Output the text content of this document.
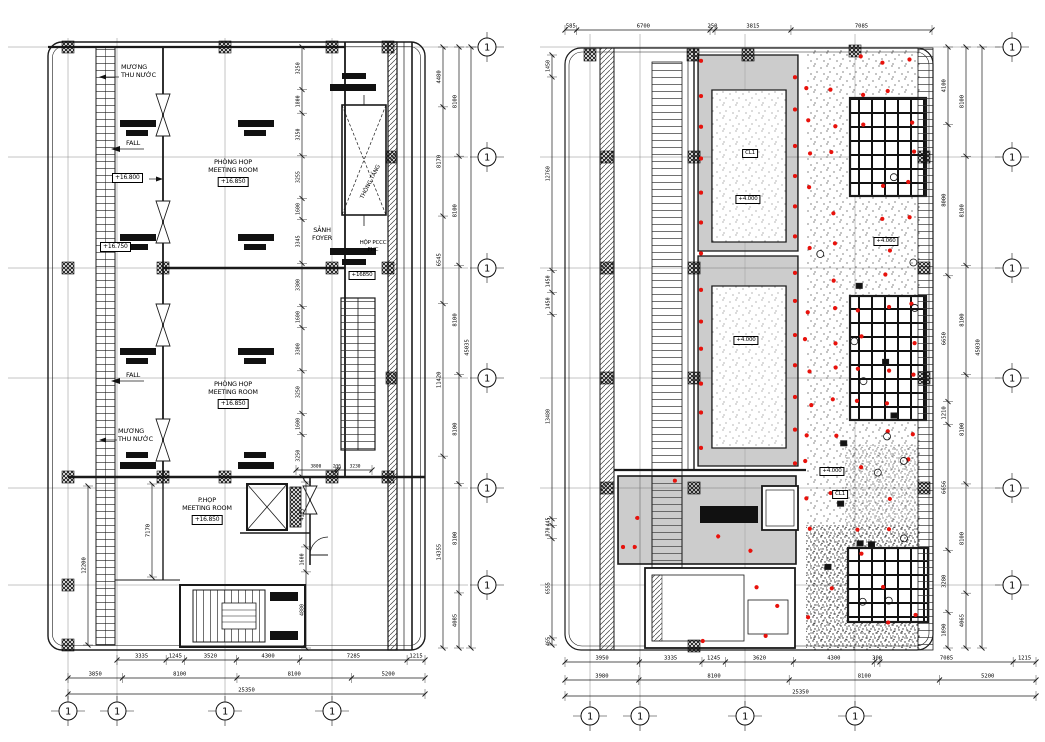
3335	1245	3520	4300	7285	1215
3850	8100	8100	5200
25350
4480
8170
6545
11420
14355
8100
8100
8100
8100
8100
4085
45035
3250
1800
3250
3255
1600
3345
3300
1600
3300
3250
1600
3250
3800	235 3230
12200
7170
4165
1600
4880
585	6700	250	3815	7085
3950	3335	1245	3620	4300	300	7085	1215
3980	8100	8100	5200
25350
4100
8000
6650
1210
6656
3280
1890
8100
8100
8100
8100
8100
4065
45030
1450
12760
1450
1450
13480
445
870
6555
465
1
1
1
1
1
1
1	1	1	1
1
1
1
1
1
1
1	1	1	1
MƯƠNG
THU NƯỚC
FALL
+16.800
PHÒNG HỌP
MEETING ROOM
+16.850
+16.750
SẢNH
FOYER
HỘP PCCC
FHC
+16850
THÔNG TẦNG
FALL
PHÒNG HỌP
MEETING ROOM
+16.850
MƯƠNG
THU NƯỚC
P.HỌP
MEETING ROOM
+16.850
CL1
+4.000
+4.060
+4.000
+4.000
CL1
